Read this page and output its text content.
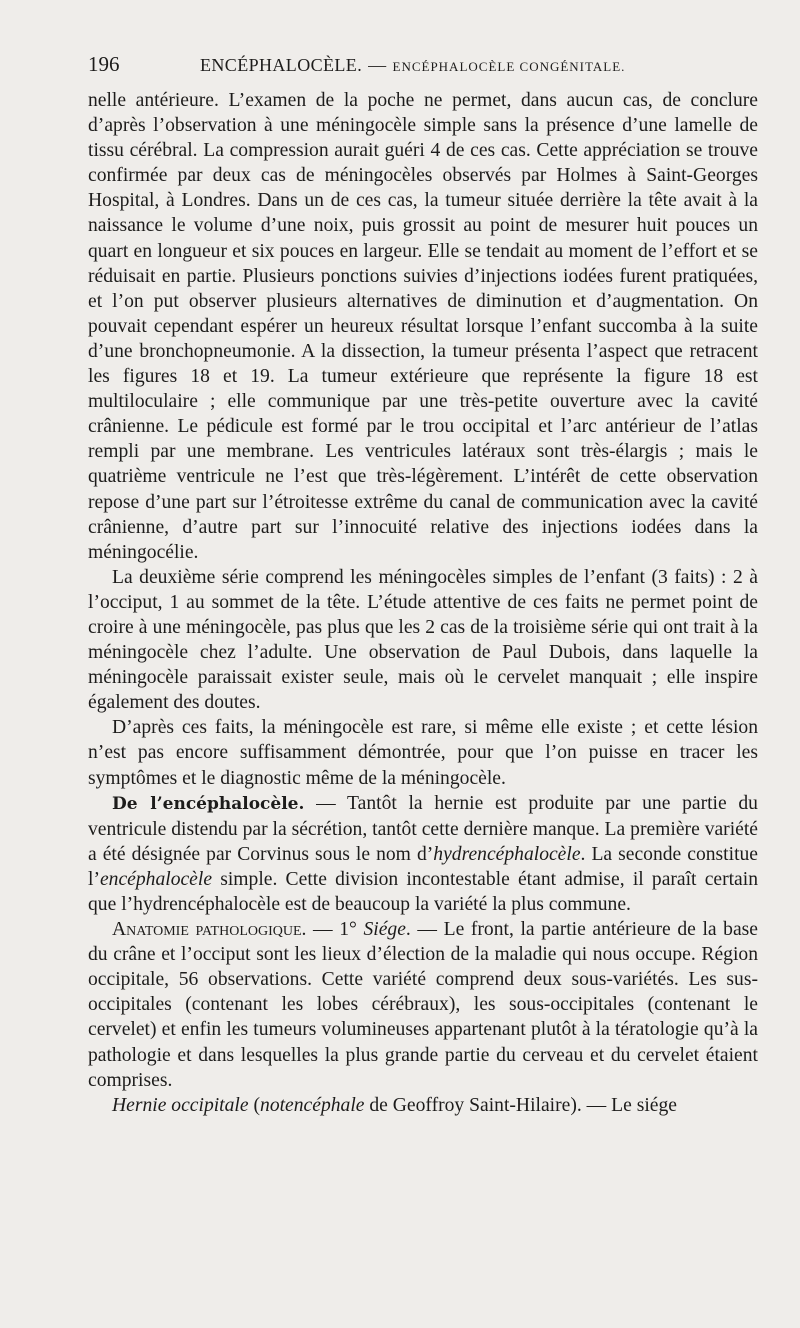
196	ENCÉPHALOCÈLE. — ENCÉPHALOCÈLE CONGÉNITALE.

nelle antérieure. L’examen de la poche ne permet, dans aucun cas, de conclure d’après l’observation à une méningocèle simple sans la présence d’une lamelle de tissu cérébral. La compression aurait guéri 4 de ces cas. Cette appréciation se trouve confirmée par deux cas de méningocèles observés par Holmes à Saint-Georges Hospital, à Londres. Dans un de ces cas, la tumeur située derrière la tête avait à la naissance le volume d’une noix, puis grossit au point de mesurer huit pouces un quart en longueur et six pouces en largeur. Elle se tendait au moment de l’effort et se réduisait en partie. Plusieurs ponctions suivies d’injections iodées furent pratiquées, et l’on put observer plusieurs alternatives de diminution et d’augmentation. On pouvait cependant espérer un heureux résultat lorsque l’enfant succomba à la suite d’une bronchopneumonie. A la dissection, la tumeur présenta l’aspect que retracent les figures 18 et 19. La tumeur extérieure que représente la figure 18 est multiloculaire ; elle communique par une très-petite ouverture avec la cavité crânienne. Le pédicule est formé par le trou occipital et l’arc antérieur de l’atlas rempli par une membrane. Les ventricules latéraux sont très-élargis ; mais le quatrième ventricule ne l’est que très-légèrement. L’intérêt de cette observation repose d’une part sur l’étroitesse extrême du canal de communication avec la cavité crânienne, d’autre part sur l’innocuité relative des injections iodées dans la méningocélie.

La deuxième série comprend les méningocèles simples de l’enfant (3 faits) : 2 à l’occiput, 1 au sommet de la tête. L’étude attentive de ces faits ne permet point de croire à une méningocèle, pas plus que les 2 cas de la troisième série qui ont trait à la méningocèle chez l’adulte. Une observation de Paul Dubois, dans laquelle la méningocèle paraissait exister seule, mais où le cervelet manquait ; elle inspire également des doutes.

D’après ces faits, la méningocèle est rare, si même elle existe ; et cette lésion n’est pas encore suffisamment démontrée, pour que l’on puisse en tracer les symptômes et le diagnostic même de la méningocèle.

De l’encéphalocèle. — Tantôt la hernie est produite par une partie du ventricule distendu par la sécrétion, tantôt cette dernière manque. La première variété a été désignée par Corvinus sous le nom d’hydrencéphalocèle. La seconde constitue l’encéphalocèle simple. Cette division incontestable étant admise, il paraît certain que l’hydrencéphalocèle est de beaucoup la variété la plus commune.

Anatomie pathologique. — 1° Siége. — Le front, la partie antérieure de la base du crâne et l’occiput sont les lieux d’élection de la maladie qui nous occupe. Région occipitale, 56 observations. Cette variété comprend deux sous-variétés. Les sus-occipitales (contenant les lobes cérébraux), les sous-occipitales (contenant le cervelet) et enfin les tumeurs volumineuses appartenant plutôt à la tératologie qu’à la pathologie et dans lesquelles la plus grande partie du cerveau et du cervelet étaient comprises.

Hernie occipitale (notencéphale de Geoffroy Saint-Hilaire). — Le siége
